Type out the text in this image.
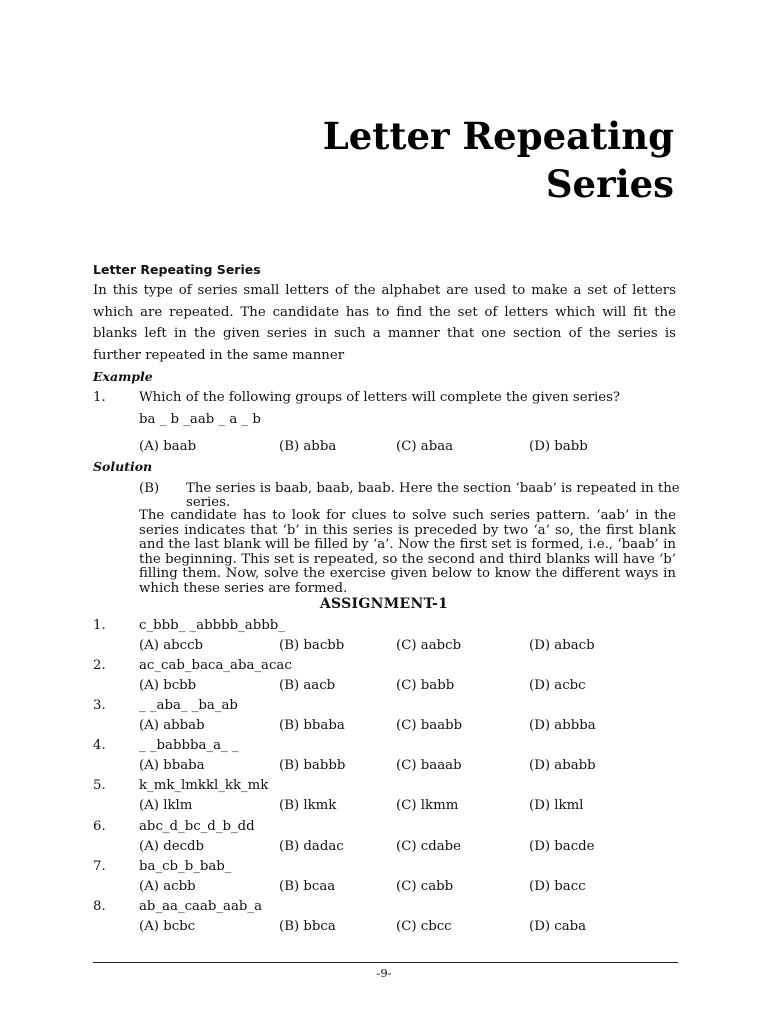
Letter Repeating
Series
Letter Repeating Series
In this type of series small letters of the alphabet are used to make a set of letters which are repeated. The candidate has to find the set of letters which will fit the blanks left in the given series in such a manner that one section of the series is further repeated in the same manner
Example
1.	Which of the following groups of letters will complete the given series?
ba _ b _aab _ a _ b
(A) baab	(B) abba	(C) abaa	(D) babb
Solution
(B) The series is baab, baab, baab. Here the section ‘baab’ is repeated in the
series.
The candidate has to look for clues to solve such series pattern. ‘aab’ in the series indicates that ‘b’ in this series is preceded by two ‘a’ so, the first blank and the last blank will be filled by ‘a’. Now the first set is formed, i.e., ‘baab’ in the beginning. This set is repeated, so the second and third blanks will have ‘b’ filling them. Now, solve the exercise given below to know the different ways in which these series are formed.
ASSIGNMENT-1
1.	c_bbb_ _abbbb_abbb_
(A) abccb	(B) bacbb	(C) aabcb	(D) abacb
2.	ac_cab_baca_aba_acac
(A) bcbb	(B) aacb	(C) babb	(D) acbc
3.	_ _aba_ _ba_ab
(A) abbab	(B) bbaba	(C) baabb	(D) abbba
4.	_ _babbba_a_ _
(A) bbaba	(B) babbb	(C) baaab	(D) ababb
5.	k_mk_lmkkl_kk_mk
(A) lklm	(B) lkmk	(C) lkmm	(D) lkml
6.	abc_d_bc_d_b_dd
(A) decdb	(B) dadac	(C) cdabe	(D) bacde
7.	ba_cb_b_bab_
(A) acbb	(B) bcaa	(C) cabb	(D) bacc
8.	ab_aa_caab_aab_a
(A) bcbc	(B) bbca	(C) cbcc	(D) caba
-9-
